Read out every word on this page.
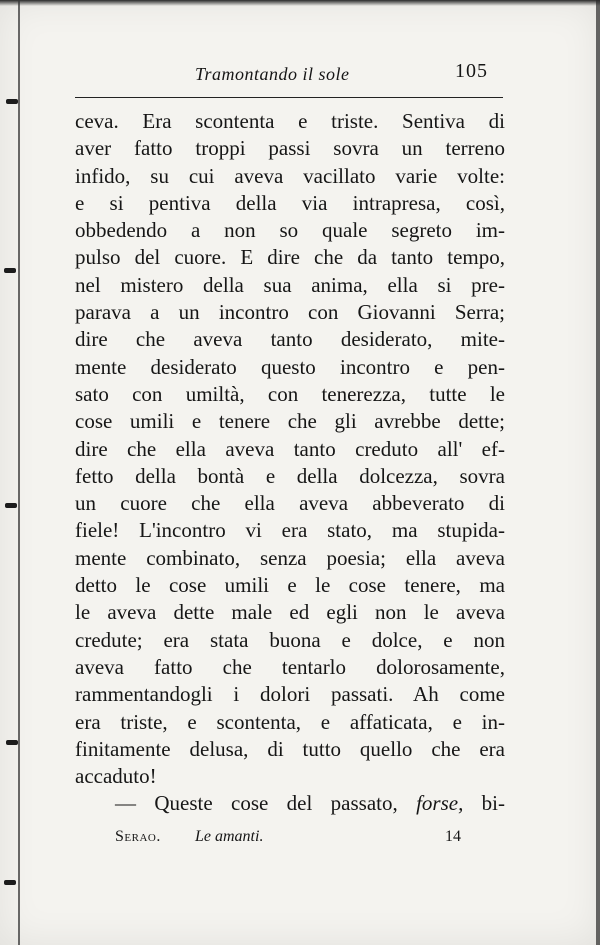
Tramontando il sole	105
ceva. Era scontenta e triste. Sentiva di
aver fatto troppi passi sovra un terreno
infido, su cui aveva vacillato varie volte:
e si pentiva della via intrapresa, così,
obbedendo a non so quale segreto im-
pulso del cuore. E dire che da tanto tempo,
nel mistero della sua anima, ella si pre-
parava a un incontro con Giovanni Serra;
dire che aveva tanto desiderato, mite-
mente desiderato questo incontro e pen-
sato con umiltà, con tenerezza, tutte le
cose umili e tenere che gli avrebbe dette;
dire che ella aveva tanto creduto all' ef-
fetto della bontà e della dolcezza, sovra
un cuore che ella aveva abbeverato di
fiele! L'incontro vi era stato, ma stupida-
mente combinato, senza poesia; ella aveva
detto le cose umili e le cose tenere, ma
le aveva dette male ed egli non le aveva
credute; era stata buona e dolce, e non
aveva fatto che tentarlo dolorosamente,
rammentandogli i dolori passati. Ah come
era triste, e scontenta, e affaticata, e in-
finitamente delusa, di tutto quello che era
accaduto!
— Queste cose del passato, forse, bi-
Serao. Le amanti.	14
